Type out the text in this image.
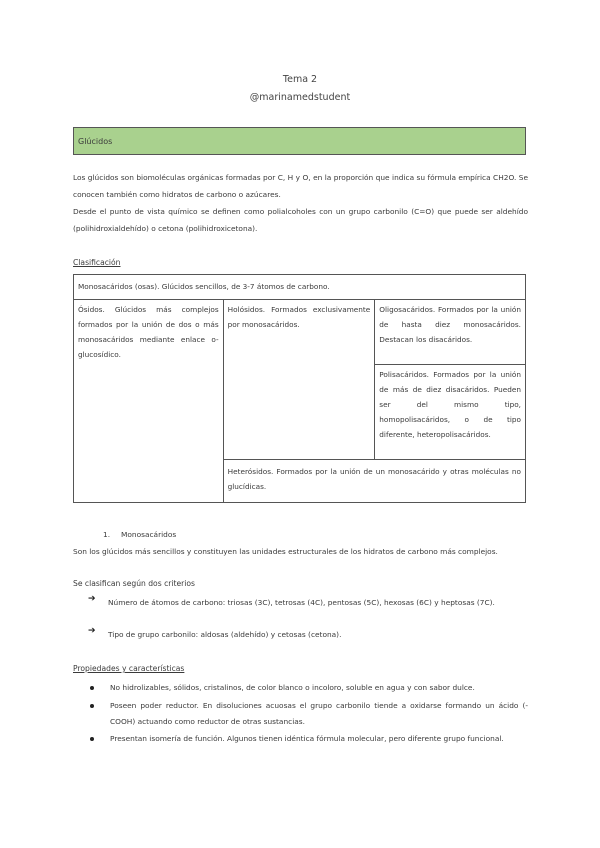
Tema 2
@marinamedstudent
Glúcidos

Los glúcidos son biomoléculas orgánicas formadas por C, H y O, en la proporción que indica su fórmula empírica CH2O. Se conocen también como hidratos de carbono o azúcares.

Desde el punto de vista químico se definen como polialcoholes con un grupo carbonilo (C=O) que puede ser aldehído (polihidroxialdehído) o cetona (polihidroxicetona).

Clasificación
Monosacáridos (osas). Glúcidos sencillos, de 3-7 átomos de carbono.
Ósidos. Glúcidos más complejos formados por la unión de dos o más monosacáridos mediante enlace o-glucosídico.	Holósidos. Formados exclusivamente por monosacáridos.	Oligosacáridos. Formados por la unión de hasta diez monosacáridos. Destacan los disacáridos.
Polisacáridos. Formados por la unión de más de diez disacáridos. Pueden ser del mismo tipo, homopolisacáridos, o de tipo diferente, heteropolisacáridos.
Heterósidos. Formados por la unión de un monosacárido y otras moléculas no glucídicas.
1. Monosacáridos

Son los glúcidos más sencillos y constituyen las unidades estructurales de los hidratos de carbono más complejos.

Se clasifican según dos criterios
➔ Número de átomos de carbono: triosas (3C), tetrosas (4C), pentosas (5C), hexosas (6C) y heptosas (7C).
➔ Tipo de grupo carbonilo: aldosas (aldehído) y cetosas (cetona).
Propiedades y características
No hidrolizables, sólidos, cristalinos, de color blanco o incoloro, soluble en agua y con sabor dulce.
Poseen poder reductor. En disoluciones acuosas el grupo carbonilo tiende a oxidarse formando un ácido (-COOH) actuando como reductor de otras sustancias.
Presentan isomería de función. Algunos tienen idéntica fórmula molecular, pero diferente grupo funcional.
